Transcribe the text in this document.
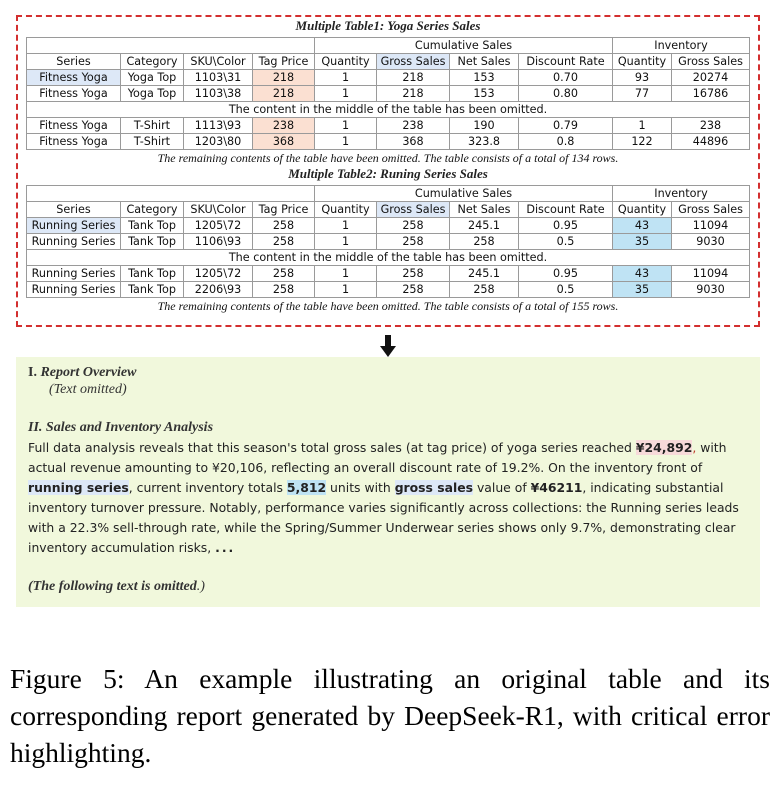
Multiple Table1: Yoga Series Sales
				Cumulative Sales				Inventory	
Series	Category	SKU\Color	Tag Price	Quantity	Gross Sales	Net Sales	Discount Rate	Quantity	Gross Sales
Fitness Yoga	Yoga Top	1103\31	218	1	218	153	0.70	93	20274
Fitness Yoga	Yoga Top	1103\38	218	1	218	153	0.80	77	16786
The content in the middle of the table has been omitted.									
Fitness Yoga	T-Shirt	1113\93	238	1	238	190	0.79	1	238
Fitness Yoga	T-Shirt	1203\80	368	1	368	323.8	0.8	122	44896
The remaining contents of the table have been omitted. The table consists of a total of 134 rows.									
Multiple Table2: Runing Series Sales
				Cumulative Sales				Inventory	
Series	Category	SKU\Color	Tag Price	Quantity	Gross Sales	Net Sales	Discount Rate	Quantity	Gross Sales
Running Series	Tank Top	1205\72	258	1	258	245.1	0.95	43	11094
Running Series	Tank Top	1106\93	258	1	258	258	0.5	35	9030
The content in the middle of the table has been omitted.									
Running Series	Tank Top	1205\72	258	1	258	245.1	0.95	43	11094
Running Series	Tank Top	2206\93	258	1	258	258	0.5	35	9030
The remaining contents of the table have been omitted. The table consists of a total of 155 rows.									
I. Report Overview
(Text omitted)
II. Sales and Inventory Analysis
Full data analysis reveals that this season's total gross sales (at tag price) of yoga series reached ¥24,892, with actual revenue amounting to ¥20,106, reflecting an overall discount rate of 19.2%. On the inventory front of running series, current inventory totals 5,812 units with gross sales value of ¥46211, indicating substantial inventory turnover pressure. Notably, performance varies significantly across collections: the Running series leads with a 22.3% sell-through rate, while the Spring/Summer Underwear series shows only 9.7%, demonstrating clear inventory accumulation risks, ...
(The following text is omitted.)
Figure 5: An example illustrating an original table and its corresponding report generated by DeepSeek-R1, with critical error highlighting.
